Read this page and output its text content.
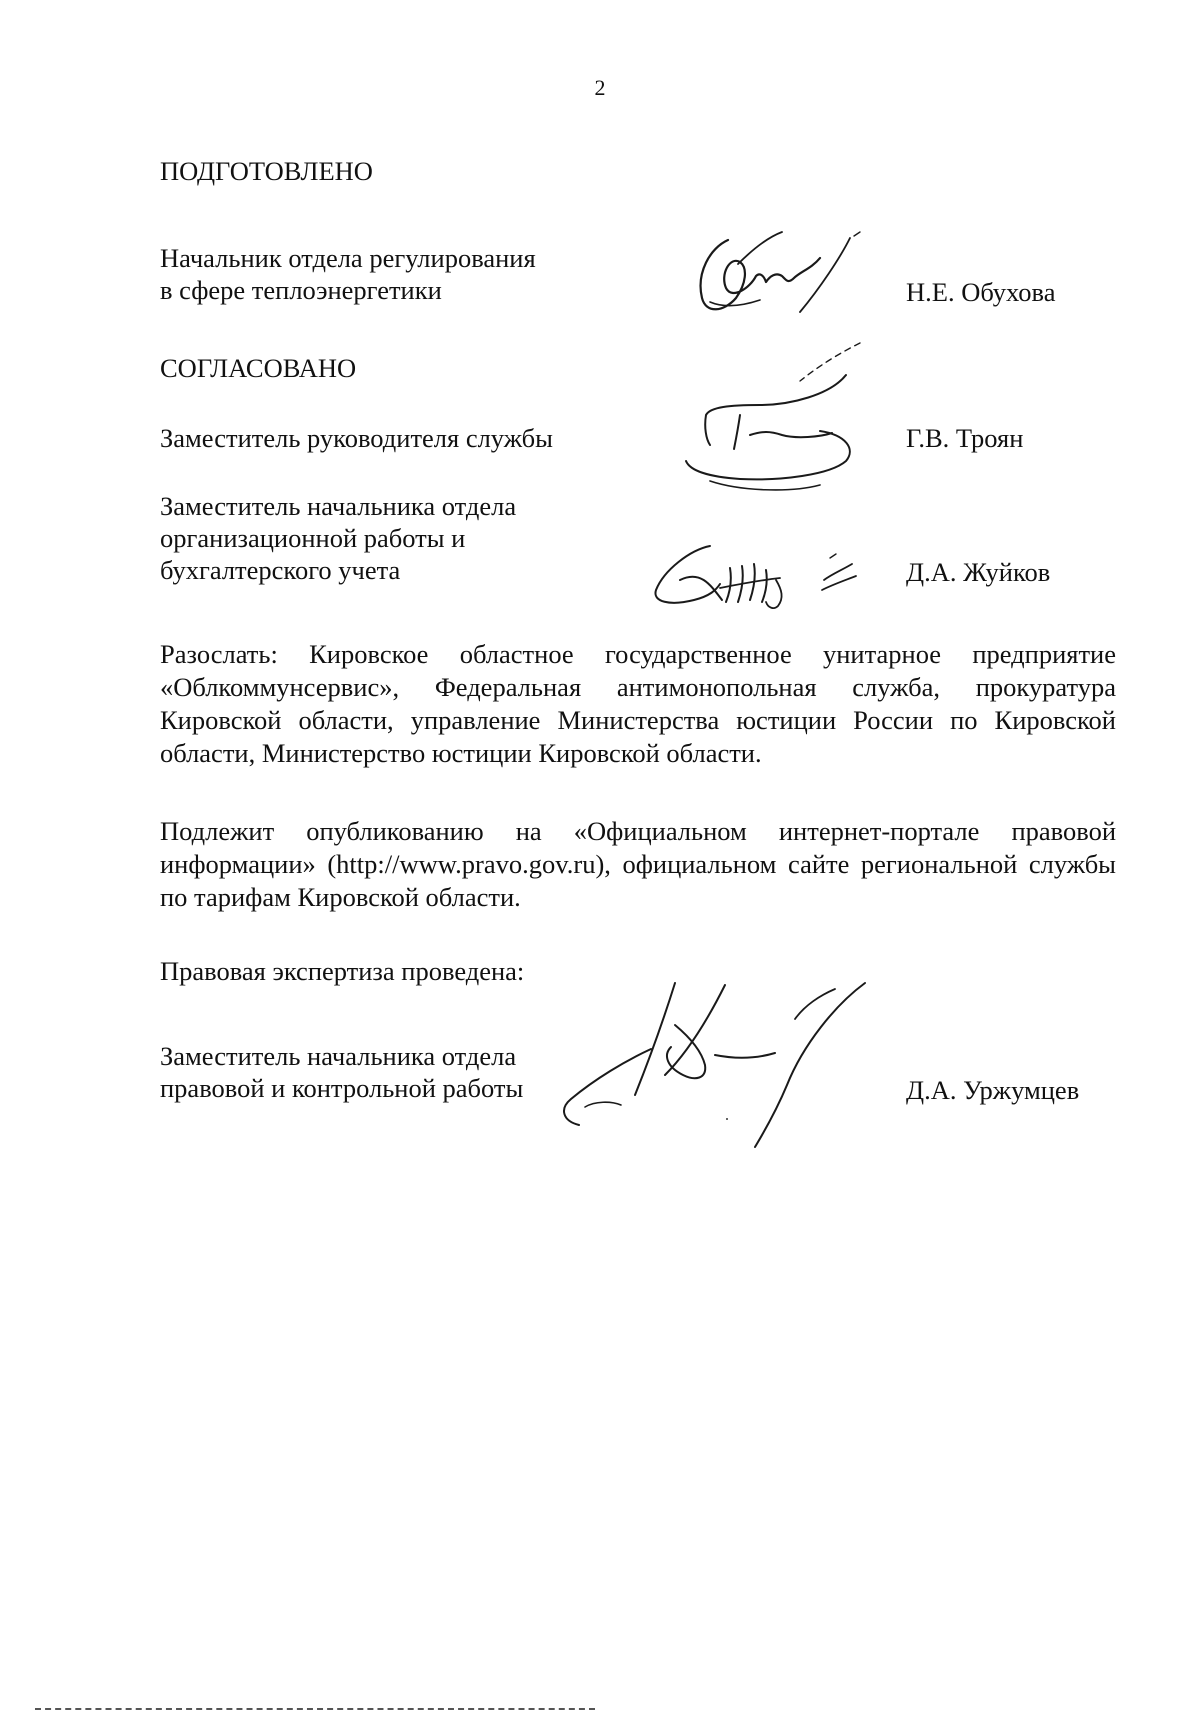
2
ПОДГОТОВЛЕНО
Начальник отдела регулирования
в сфере теплоэнергетики	Н.Е. Обухова
СОГЛАСОВАНО
Заместитель руководителя службы	Г.В. Троян
Заместитель начальника отдела
организационной работы и
бухгалтерского учета	Д.А. Жуйков
Разослать: Кировское областное государственное унитарное предприятие «Облкоммунсервис», Федеральная антимонопольная служба, прокуратура Кировской области, управление Министерства юстиции России по Кировской области, Министерство юстиции Кировской области.
Подлежит опубликованию на «Официальном интернет-портале правовой информации» (http://www.pravo.gov.ru), официальном сайте региональной службы по тарифам Кировской области.
Правовая экспертиза проведена:
Заместитель начальника отдела
правовой и контрольной работы	Д.А. Уржумцев
